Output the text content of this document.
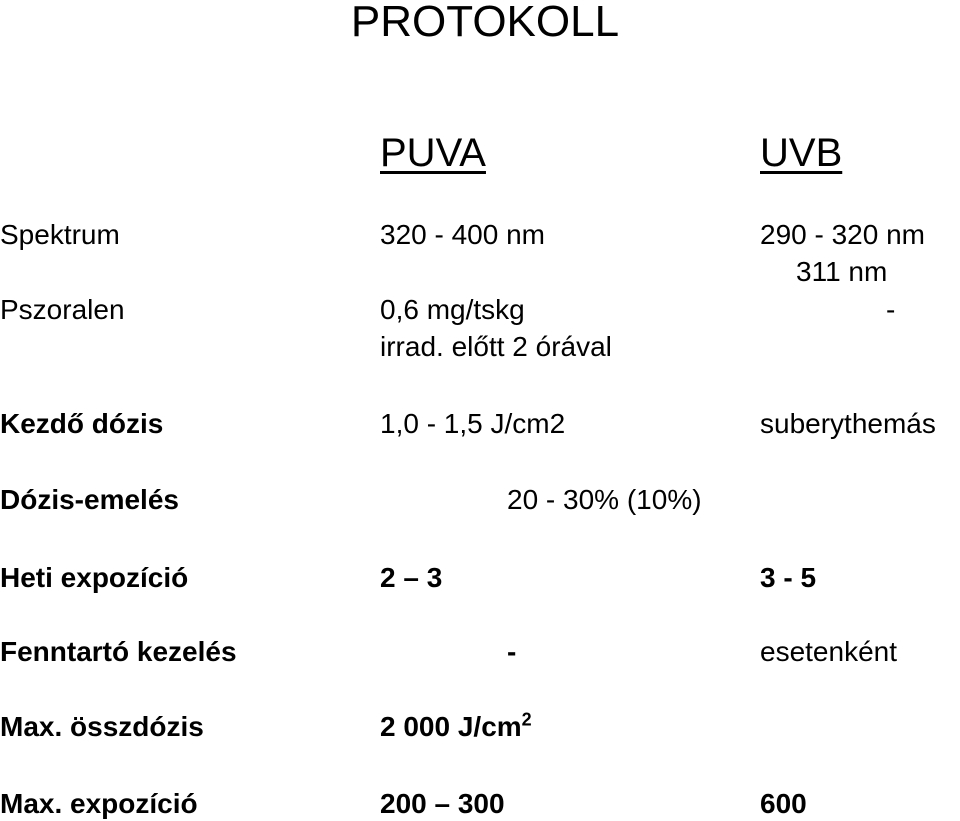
PROTOKOLL
PUVA	UVB
Spektrum	320 - 400 nm	290 - 320 nm
311 nm
Pszoralen	0,6 mg/tskg	-
irrad. előtt 2 órával
Kezdő dózis	1,0 - 1,5 J/cm2	suberythemás
Dózis-emelés	20 - 30% (10%)
Heti expozíció	2 – 3	3 - 5
Fenntartó kezelés	-	esetenként
Max. összdózis	2 000 $J/cm^2$
Max. expozíció	200 – 300	600
